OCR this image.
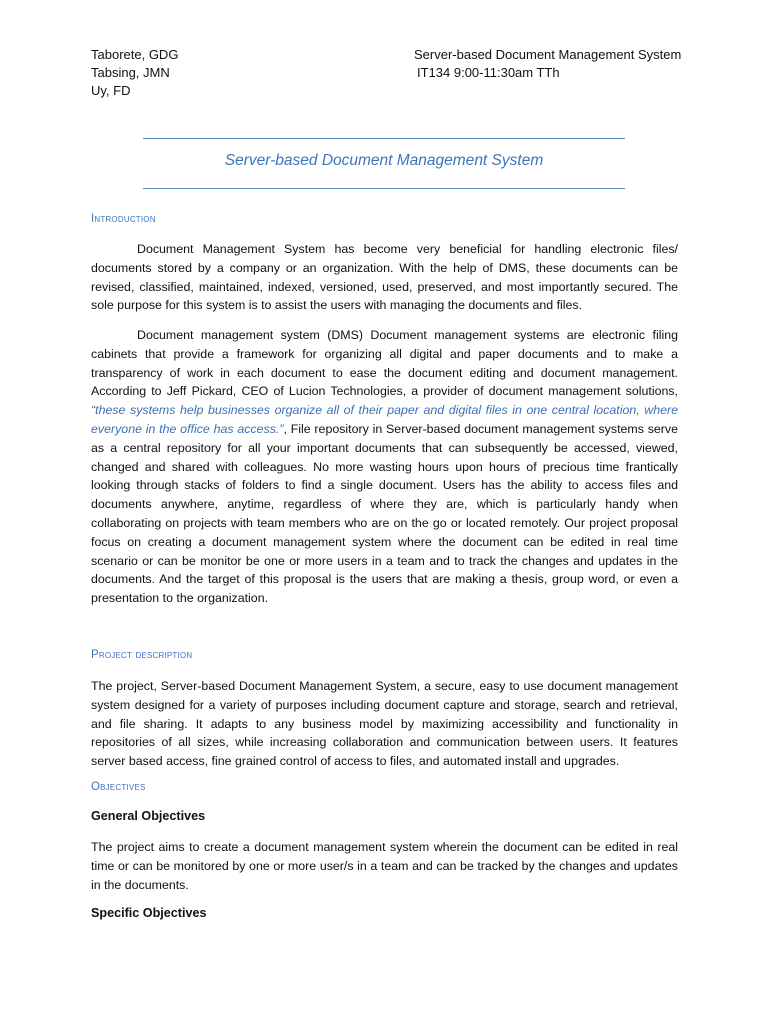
Taborete, GDG
Tabsing, JMN
Uy, FD
Server-based Document Management System
IT134 9:00-11:30am TTh
Server-based Document Management System
Introduction

Document Management System has become very beneficial for handling electronic files/ documents stored by a company or an organization. With the help of DMS, these documents can be revised, classified, maintained, indexed, versioned, used, preserved, and most importantly secured. The sole purpose for this system is to assist the users with managing the documents and files.

Document management system (DMS) Document management systems are electronic filing cabinets that provide a framework for organizing all digital and paper documents and to make a transparency of work in each document to ease the document editing and document management. According to Jeff Pickard, CEO of Lucion Technologies, a provider of document management solutions, “these systems help businesses organize all of their paper and digital files in one central location, where everyone in the office has access.”, File repository in Server-based document management systems serve as a central repository for all your important documents that can subsequently be accessed, viewed, changed and shared with colleagues. No more wasting hours upon hours of precious time frantically looking through stacks of folders to find a single document. Users has the ability to access files and documents anywhere, anytime, regardless of where they are, which is particularly handy when collaborating on projects with team members who are on the go or located remotely. Our project proposal focus on creating a document management system where the document can be edited in real time scenario or can be monitor be one or more users in a team and to track the changes and updates in the documents. And the target of this proposal is the users that are making a thesis, group word, or even a presentation to the organization.

Project description

The project, Server-based Document Management System, a secure, easy to use document management system designed for a variety of purposes including document capture and storage, search and retrieval, and file sharing. It adapts to any business model by maximizing accessibility and functionality in repositories of all sizes, while increasing collaboration and communication between users. It features server based access, fine grained control of access to files, and automated install and upgrades.

Objectives
General Objectives

The project aims to create a document management system wherein the document can be edited in real time or can be monitored by one or more user/s in a team and can be tracked by the changes and updates in the documents.

Specific Objectives
